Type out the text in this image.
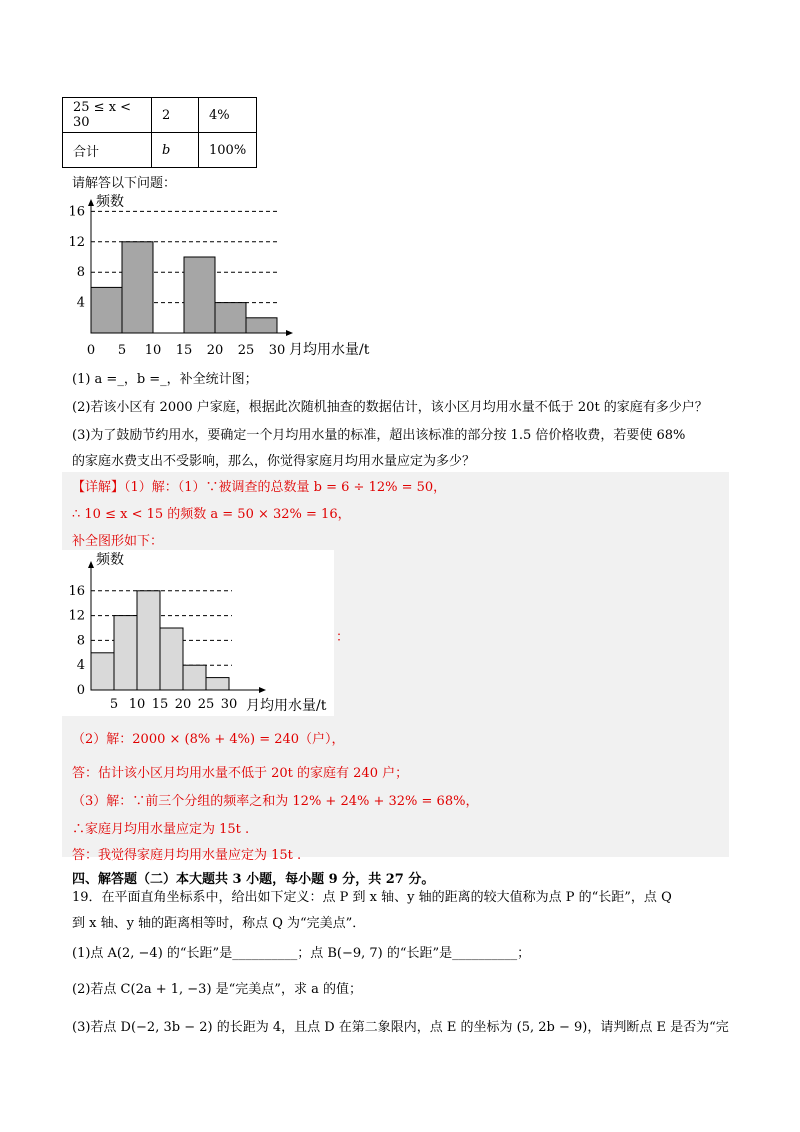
25 ≤ x < 30	2	4%
合计	b	100%
请解答以下问题：
4
8
12
16
0 5 10 15 20 25 30
频数
月均用水量/t
(1) a =_，b =_，补全统计图；
(2)若该小区有 2000 户家庭，根据此次随机抽查的数据估计，该小区月均用水量不低于 20t 的家庭有多少户？
(3)为了鼓励节约用水，要确定一个月均用水量的标准，超出该标准的部分按 1.5 倍价格收费，若要使 68%
的家庭水费支出不受影响，那么，你觉得家庭月均用水量应定为多少？
【详解】（1）解：（1）∵被调查的总数量 b = 6 ÷ 12% = 50，
∴ 10 ≤ x < 15 的频数 a = 50 × 32% = 16，
补全图形如下：
0
4
8
12
16
5 10 15 20 25 30
频数
月均用水量/t
：
（2）解：2000 × (8% + 4%) = 240（户），
答：估计该小区月均用水量不低于 20t 的家庭有 240 户；
（3）解：∵前三个分组的频率之和为 12% + 24% + 32% = 68%，
∴家庭月均用水量应定为 15t .
答：我觉得家庭月均用水量应定为 15t .
四、解答题（二）本大题共 3 小题，每小题 9 分，共 27 分。
19．在平面直角坐标系中，给出如下定义：点 P 到 x 轴、y 轴的距离的较大值称为点 P 的“长距”，点 Q
到 x 轴、y 轴的距离相等时，称点 Q 为“完美点”．
(1)点 A(2, −4) 的“长距”是__________；点 B(−9, 7) 的“长距”是__________；
(2)若点 C(2a + 1, −3) 是“完美点”，求 a 的值；
(3)若点 D(−2, 3b − 2) 的长距为 4，且点 D 在第二象限内，点 E 的坐标为 (5, 2b − 9)，请判断点 E 是否为“完
